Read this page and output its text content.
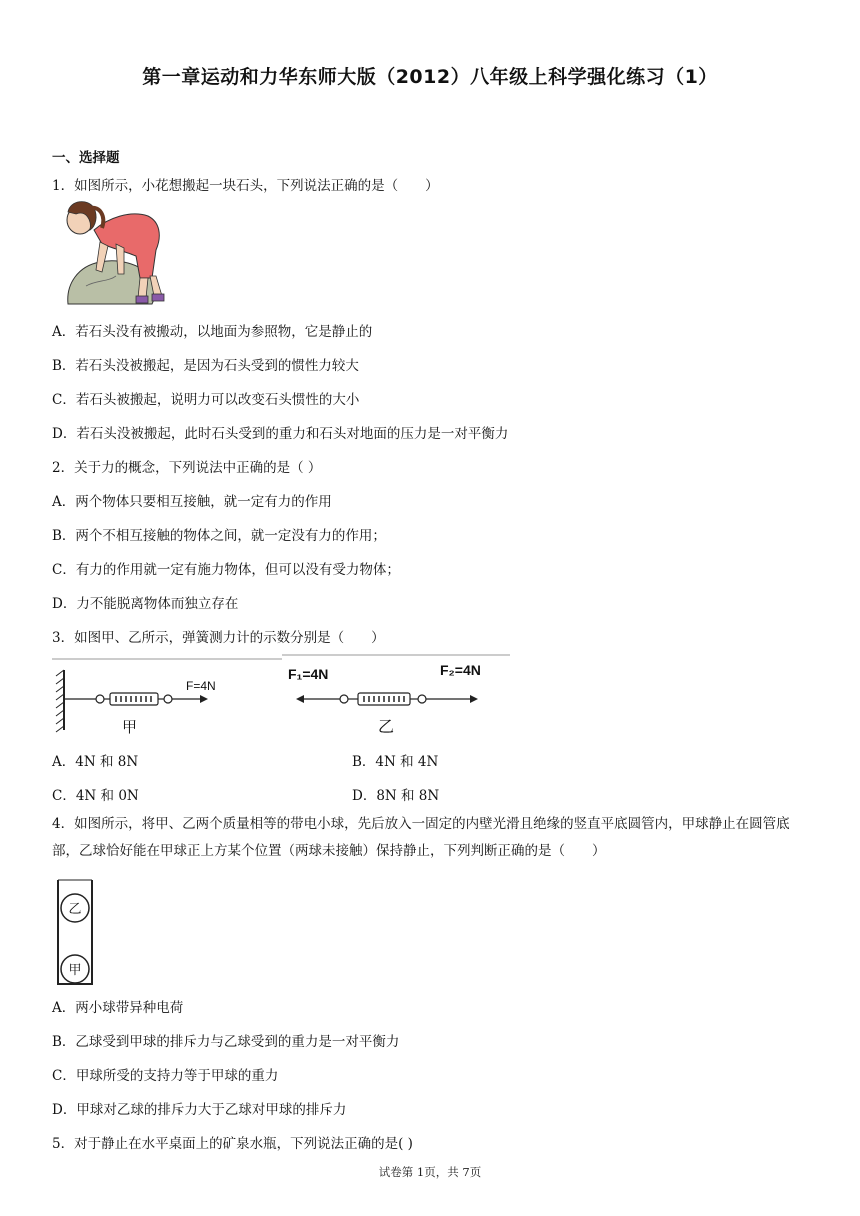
第一章运动和力华东师大版（2012）八年级上科学强化练习（1）
一、选择题
1．如图所示，小花想搬起一块石头，下列说法正确的是（　　）
A．若石头没有被搬动，以地面为参照物，它是静止的
B．若石头没被搬起，是因为石头受到的惯性力较大
C．若石头被搬起，说明力可以改变石头惯性的大小
D．若石头没被搬起，此时石头受到的重力和石头对地面的压力是一对平衡力
2．关于力的概念，下列说法中正确的是（ ）
A．两个物体只要相互接触，就一定有力的作用
B．两个不相互接触的物体之间，就一定没有力的作用；
C．有力的作用就一定有施力物体，但可以没有受力物体；
D．力不能脱离物体而独立存在
3．如图甲、乙所示，弹簧测力计的示数分别是（　　）
F=4N
甲
F₁=4N	F₂=4N
乙
A．4N 和 8N	B．4N 和 4N
C．4N 和 0N	D．8N 和 8N
4．如图所示，将甲、乙两个质量相等的带电小球，先后放入一固定的内壁光滑且绝缘的竖直平底圆管内，甲球静止在圆管底部，乙球恰好能在甲球正上方某个位置（两球未接触）保持静止，下列判断正确的是（　　）
乙
甲
A．两小球带异种电荷
B．乙球受到甲球的排斥力与乙球受到的重力是一对平衡力
C．甲球所受的支持力等于甲球的重力
D．甲球对乙球的排斥力大于乙球对甲球的排斥力
5．对于静止在水平桌面上的矿泉水瓶，下列说法正确的是( )
试卷第 1页，共 7页
